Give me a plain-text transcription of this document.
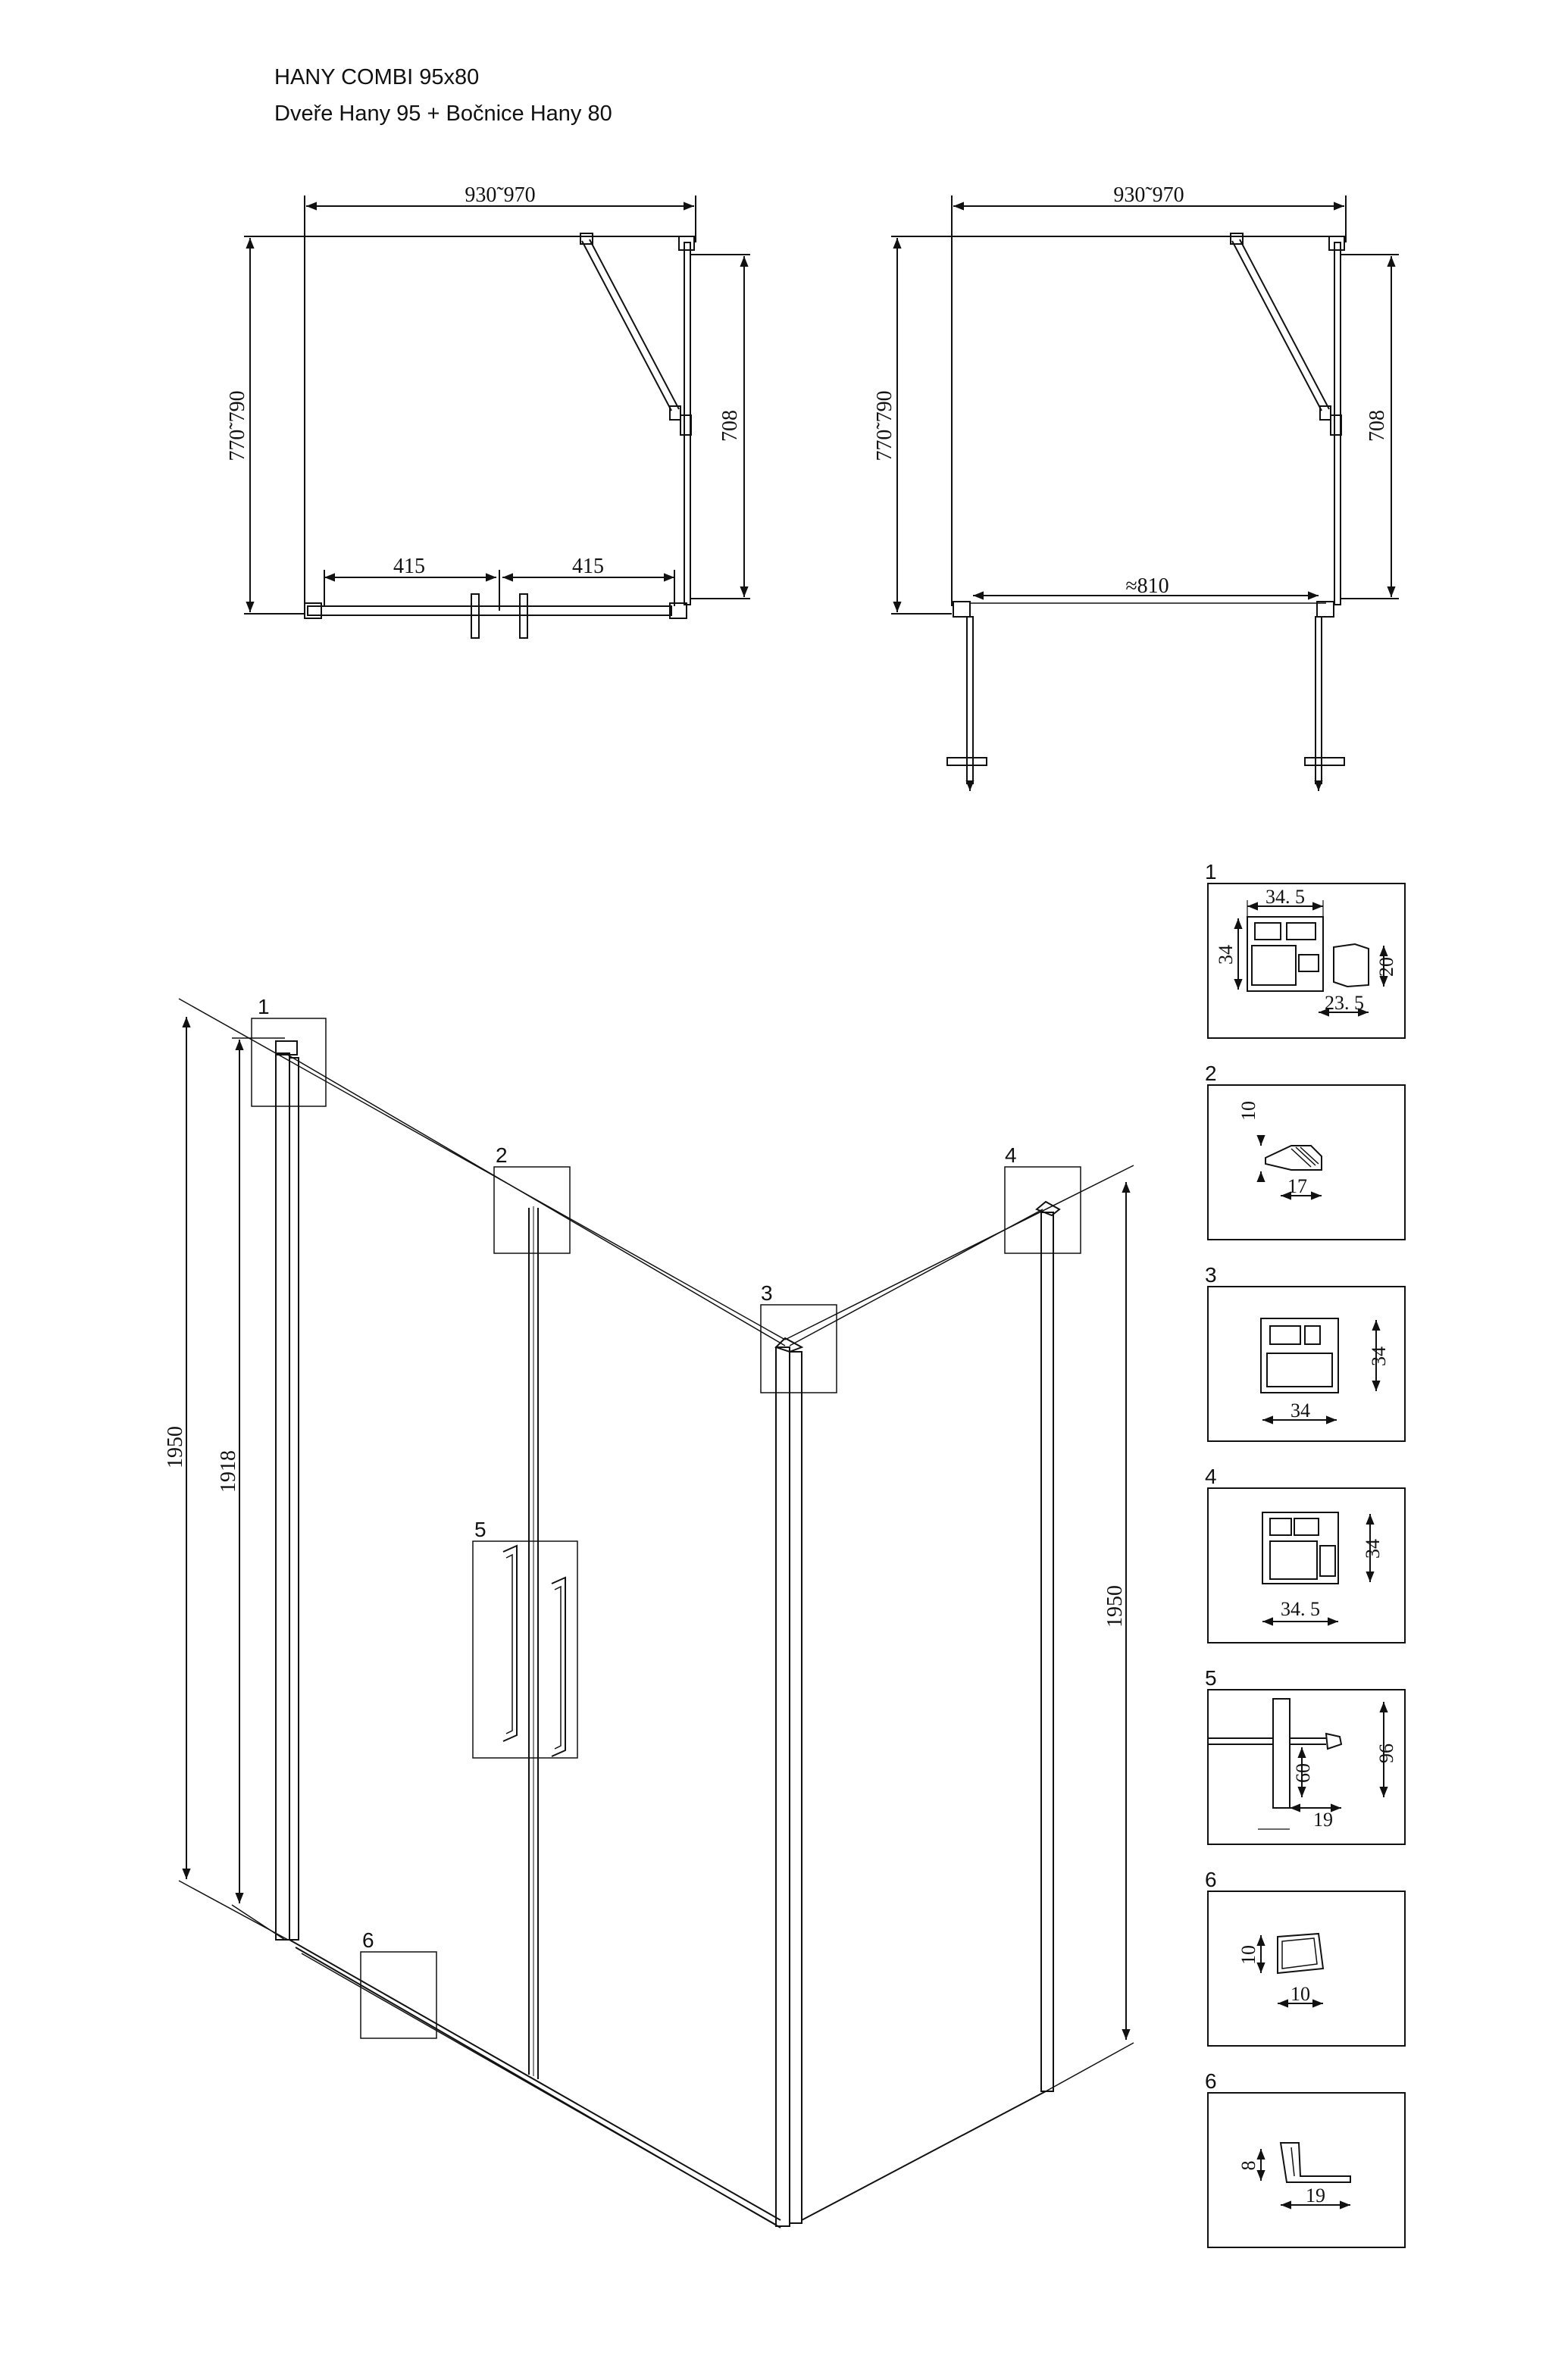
HANY COMBI 95x80
Dveře Hany 95 + Bočnice Hany 80
930˜970
770˜790	708
415	415
930˜970
770˜790	708
≈810
1950
1918
1950
1
2
3
4
5
6
1
34. 5
34
20
23. 5
2
10
17
3
34
34
4
34
34. 5
5
96
60
19
6
10
10
6
8
19
